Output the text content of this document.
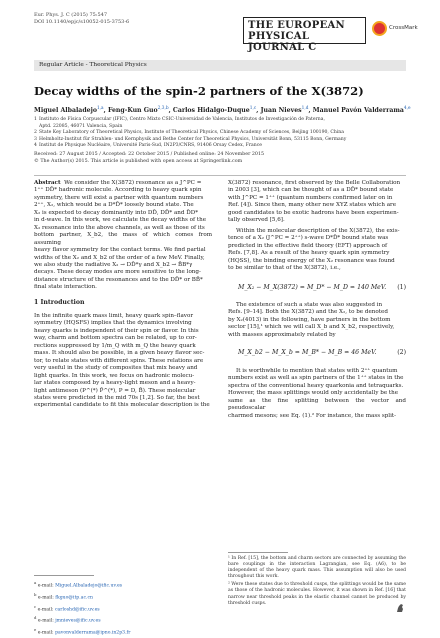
Eur. Phys. J. C (2015) 75:547
DOI 10.1140/epjc/s10052-015-3753-6	THE EUROPEAN
PHYSICAL JOURNAL C
CrossMark
Regular Article - Theoretical Physics
Decay widths of the spin-2 partners of the X(3872)
Miguel Albaladejo$^{1,a}$, Feng-Kun Guo$^{2,3,b}$, Carlos Hidalgo-Duque$^{1,c}$, Juan Nieves$^{1,d}$, Manuel Pavón Valderrama$^{4,e}$
1 Instituto de Física Corpuscular (IFIC), Centro Mixto CSIC-Universidad de Valencia, Institutos de Investigación de Paterna,
Aptd. 22085, 46071 Valencia, Spain
2 State Key Laboratory of Theoretical Physics, Institute of Theoretical Physics, Chinese Academy of Sciences, Beijing 100190, China
3 Helmholtz-Institut für Strahlen- und Kernphysik and Bethe Center for Theoretical Physics, Universität Bonn, 53115 Bonn, Germany
4 Institut de Physique Nucléaire, Université Paris-Sud, IN2P3/CNRS, 91406 Orsay Cedex, France
Received: 27 August 2015 / Accepted: 22 October 2015 / Published online: 24 November 2015
© The Author(s) 2015. This article is published with open access at Springerlink.com

Abstract We consider the X(3872) resonance as a J^PC =

1⁺⁺ DD̄* hadronic molecule. According to heavy quark spin

symmetry, there will exist a partner with quantum numbers

2⁺⁺, X₂, which would be a D*D̄* loosely bound state. The

X₂ is expected to decay dominantly into DD̄, DD̄* and D̄D*

in d-wave. In this work, we calculate the decay widths of the

X₂ resonance into the above channels, as well as those of its

bottom partner, X_b2, the mass of which comes from assuming

heavy flavor symmetry for the contact terms. We find partial

widths of the X₂ and X_b2 of the order of a few MeV. Finally,

we also study the radiative X₂ → DD̄*γ and X_b2 → B̄B*γ

decays. These decay modes are more sensitive to the long-

distance structure of the resonances and to the DD̄* or BB̄*

final state interaction.

1 Introduction

In the infinite quark mass limit, heavy quark spin–flavor

symmetry (HQSFS) implies that the dynamics involving

heavy quarks is independent of their spin or flavor. In this

way, charm and bottom spectra can be related, up to cor-

rections suppressed by 1/m_Q with m_Q the heavy quark

mass. It should also be possible, in a given heavy flavor sec-

tor, to relate states with different spins. These relations are

very useful in the study of composites that mix heavy and

light quarks. In this work, we focus on hadronic molecu-

lar states composed by a heavy-light meson and a heavy-

light antimeson (P^(*) P̄^(*), P = D, B̄). These molecular

states were predicted in the mid 70s [1,2]. So far, the best

experimental candidate to fit this molecular description is the

X(3872) resonance, first observed by the Belle Collaboration

in 2003 [3], which can be thought of as a DD̄* bound state

with J^PC = 1⁺⁺ (quantum numbers confirmed later on in

Ref. [4]). Since then, many other new XYZ states which are

good candidates to be exotic hadrons have been experimen-

tally observed [5,6].

Within the molecular description of the X(3872), the exis-

tence of a X₂ (J^PC = 2⁺⁺) s-wave D*D̄* bound state was

predicted in the effective field theory (EFT) approach of

Refs. [7,8]. As a result of the heavy quark spin symmetry

(HQSS), the binding energy of the X₂ resonance was found

to be similar to that of the X(3872), i.e.,

M_X₂ − M_X(3872) ≃ M_D* − M_D ≃ 140 MeV. (1)

The existence of such a state was also suggested in

Refs. [9–14]. Both the X(3872) and the X₂, to be denoted

by X₂(4013) in the following, have partners in the bottom

sector [15],¹ which we will call X_b and X_b2, respectively,

with masses approximately related by

M_X_b2 − M_X_b ≃ M_B* − M_B ≃ 46 MeV.	(2)

It is worthwhile to mention that states with 2⁺⁺ quantum

numbers exist as well as spin partners of the 1⁺⁺ states in the

spectra of the conventional heavy quarkonia and tetraquarks.

However, the mass splittings would only accidentally be the

same as the fine splitting between the vector and pseudoscalar

charmed mesons; see Eq. (1).² For instance, the mass split-

$^a$ e-mail: Miguel.Albaladejo@ific.uv.es
$^b$ e-mail: fkguo@itp.ac.cn
$^c$ e-mail: carloshd@ific.uv.es
$^d$ e-mail: jmnieves@ific.uv.es
$^e$ e-mail: pavonvalderrama@ipno.in2p3.fr

¹ In Ref. [15], the bottom and charm sectors are connected by assuming the bare couplings in the interaction Lagrangian, see Eq. (A6), to be independent of the heavy quark mass. This assumption will also be used throughout this work.

² Were these states due to threshold cusps, the splittings would be the same as those of the hadronic molecules. However, it was shown in Ref. [16] that narrow near threshold peaks in the elastic channel cannot be produced by threshold cusps.
